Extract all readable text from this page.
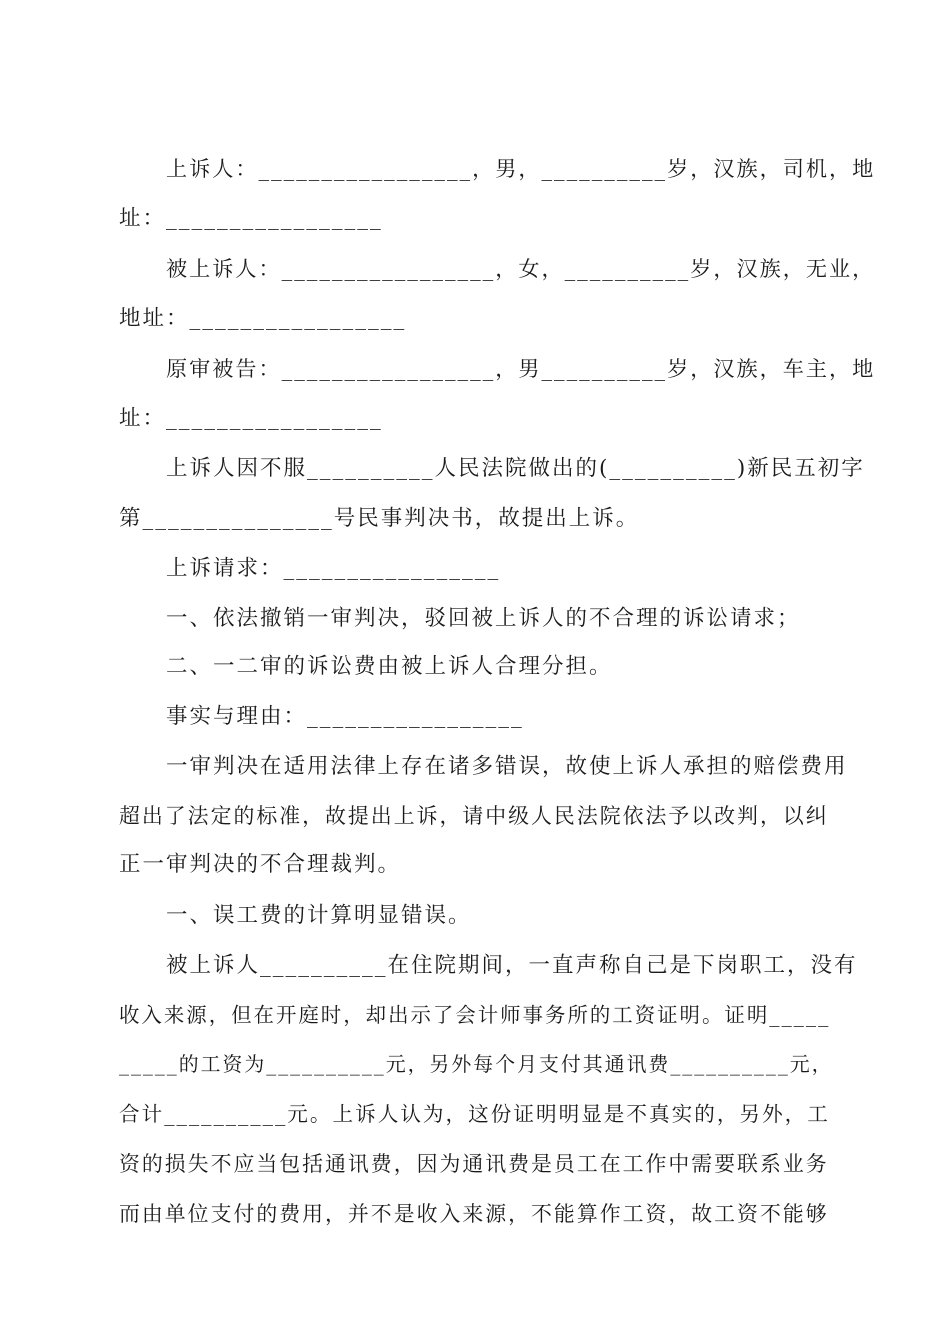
上诉人：_________________，男，__________岁，汉族，司机，地
址：_________________
被上诉人：_________________，女，__________岁，汉族，无业，
地址：_________________
原审被告：_________________，男__________岁，汉族，车主，地
址：_________________
上诉人因不服__________人民法院做出的(__________)新民五初字
第_______________号民事判决书，故提出上诉。
上诉请求：_________________
一、依法撤销一审判决，驳回被上诉人的不合理的诉讼请求；
二、一二审的诉讼费由被上诉人合理分担。
事实与理由：_________________
一审判决在适用法律上存在诸多错误，故使上诉人承担的赔偿费用
超出了法定的标准，故提出上诉，请中级人民法院依法予以改判，以纠
正一审判决的不合理裁判。
一、误工费的计算明显错误。
被上诉人__________在住院期间，一直声称自己是下岗职工，没有
收入来源，但在开庭时，却出示了会计师事务所的工资证明。证明_____
_____的工资为__________元，另外每个月支付其通讯费__________元，
合计__________元。上诉人认为，这份证明明显是不真实的，另外，工
资的损失不应当包括通讯费，因为通讯费是员工在工作中需要联系业务
而由单位支付的费用，并不是收入来源，不能算作工资，故工资不能够
